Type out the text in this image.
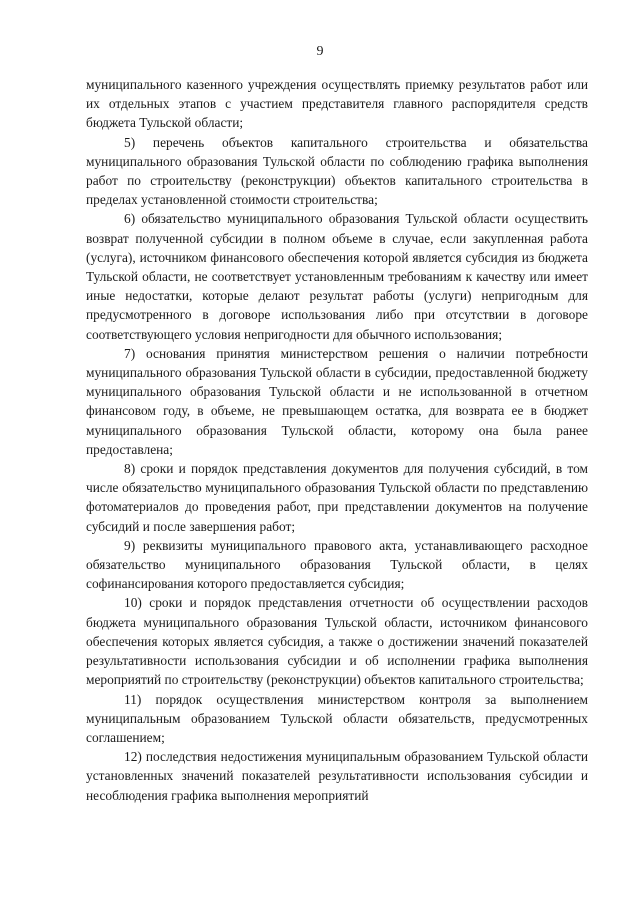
9

муниципального казенного учреждения осуществлять приемку результатов работ или их отдельных этапов с участием представителя главного распорядителя средств бюджета Тульской области;

5) перечень объектов капитального строительства и обязательства муниципального образования Тульской области по соблюдению графика выполнения работ по строительству (реконструкции) объектов капитального строительства в пределах установленной стоимости строительства;

6) обязательство муниципального образования Тульской области осуществить возврат полученной субсидии в полном объеме в случае, если закупленная работа (услуга), источником финансового обеспечения которой является субсидия из бюджета Тульской области, не соответствует установленным требованиям к качеству или имеет иные недостатки, которые делают результат работы (услуги) непригодным для предусмотренного в договоре использования либо при отсутствии в договоре соответствующего условия непригодности для обычного использования;

7) основания принятия министерством решения о наличии потребности муниципального образования Тульской области в субсидии, предоставленной бюджету муниципального образования Тульской области и не использованной в отчетном финансовом году, в объеме, не превышающем остатка, для возврата ее в бюджет муниципального образования Тульской области, которому она была ранее предоставлена;

8) сроки и порядок представления документов для получения субсидий, в том числе обязательство муниципального образования Тульской области по представлению фотоматериалов до проведения работ, при представлении документов на получение субсидий и после завершения работ;

9) реквизиты муниципального правового акта, устанавливающего расходное обязательство муниципального образования Тульской области, в целях софинансирования которого предоставляется субсидия;

10) сроки и порядок представления отчетности об осуществлении расходов бюджета муниципального образования Тульской области, источником финансового обеспечения которых является субсидия, а также о достижении значений показателей результативности использования субсидии и об исполнении графика выполнения мероприятий по строительству (реконструкции) объектов капитального строительства;

11) порядок осуществления министерством контроля за выполнением муниципальным образованием Тульской области обязательств, предусмотренных соглашением;

12) последствия недостижения муниципальным образованием Тульской области установленных значений показателей результативности использования субсидии и несоблюдения графика выполнения мероприятий
